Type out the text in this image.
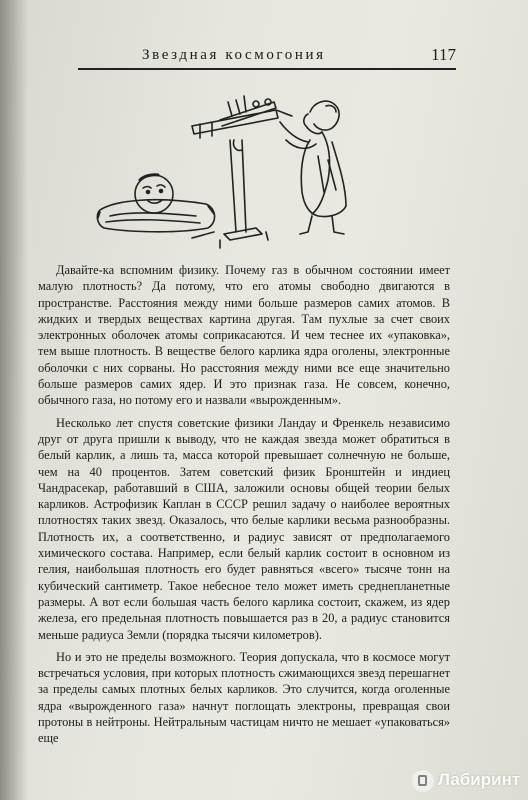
Звездная космогония	117

Давайте-ка вспомним физику. Почему газ в обычном состоянии имеет малую плотность? Да потому, что его атомы свободно двигаются в пространстве. Расстояния между ними больше размеров самих атомов. В жидких и твердых веществах картина другая. Там пухлые за счет своих электронных оболочек атомы соприкасаются. И чем теснее их «упаковка», тем выше плотность. В веществе белого карлика ядра оголены, электронные оболочки с них сорваны. Но расстояния между ними все еще значительно больше размеров самих ядер. И это признак газа. Не совсем, конечно, обычного газа, но потому его и назвали «вырожденным».

Несколько лет спустя советские физики Ландау и Френкель независимо друг от друга пришли к выводу, что не каждая звезда может обратиться в белый карлик, а лишь та, масса которой превышает солнечную не больше, чем на 40 процентов. Затем советский физик Бронштейн и индиец Чандрасекар, работавший в США, заложили основы общей теории белых карликов. Астрофизик Каплан в СССР решил задачу о наиболее вероятных плотностях таких звезд. Оказалось, что белые карлики весьма разнообразны. Плотность их, а соответственно, и радиус зависят от предполагаемого химического состава. Например, если белый карлик состоит в основном из гелия, наибольшая плотность его будет равняться «всего» тысяче тонн на кубический сантиметр. Такое небесное тело может иметь среднепланетные размеры. А вот если большая часть белого карлика состоит, скажем, из ядер железа, его предельная плотность повышается раз в 20, а радиус становится меньше радиуса Земли (порядка тысячи километров).

Но и это не пределы возможного. Теория допускала, что в космосе могут встречаться условия, при которых плотность сжимающихся звезд перешагнет за пределы самых плотных белых карликов. Это случится, когда оголенные ядра «вырожденного газа» начнут поглощать электроны, превращая свои протоны в нейтроны. Нейтральным частицам ничто не мешает «упаковаться» еще

Лабиринт
